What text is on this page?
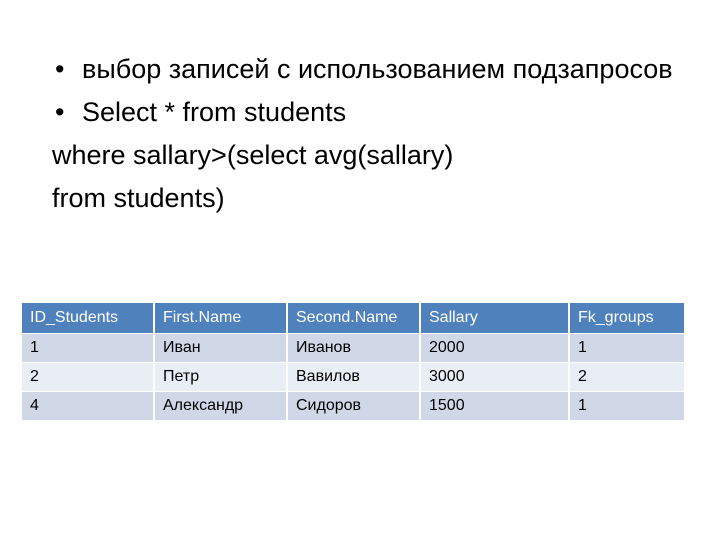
• выбор записей с использованием подзапросов

• Select * from students

where sallary>(select avg(sallary)

from students)

ID_Students	First.Name	Second.Name	Sallary	Fk_groups
1	Иван	Иванов	2000	1
2	Петр	Вавилов	3000	2
4	Александр	Сидоров	1500	1
